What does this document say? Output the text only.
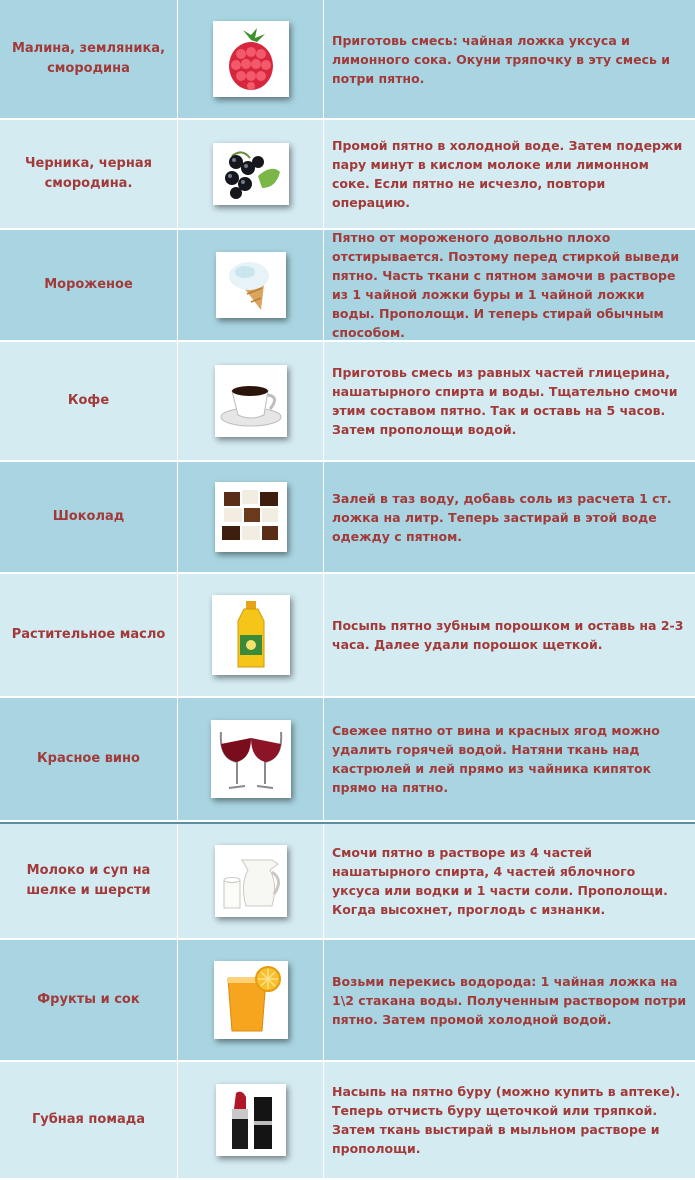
Малина, земляника, смородина
Приготовь смесь: чайная ложка уксуса и лимонного сока. Окуни тряпочку в эту смесь и потри пятно.
Черника, черная смородина.
Промой пятно в холодной воде. Затем подержи пару минут в кислом молоке или лимонном соке. Если пятно не исчезло, повтори операцию.
Мороженое
Пятно от мороженого довольно плохо отстирывается. Поэтому перед стиркой выведи пятно. Часть ткани с пятном замочи в растворе из 1 чайной ложки буры и 1 чайной ложки воды. Прополощи. И теперь стирай обычным способом.
Кофе
Приготовь смесь из равных частей глицерина, нашатырного спирта и воды. Тщательно смочи этим составом пятно. Так и оставь на 5 часов. Затем прополощи водой.
Шоколад
Залей в таз воду, добавь соль из расчета 1 ст. ложка на литр. Теперь застирай в этой воде одежду с пятном.
Растительное масло
Посыпь пятно зубным порошком и оставь на 2-3 часа. Далее удали порошок щеткой.
Красное вино
Свежее пятно от вина и красных ягод можно удалить горячей водой. Натяни ткань над кастрюлей и лей прямо из чайника кипяток прямо на пятно.
Молоко и суп на шелке и шерсти
Смочи пятно в растворе из 4 частей нашатырного спирта, 4 частей яблочного уксуса или водки и 1 части соли. Прополощи. Когда высохнет, проглодь с изнанки.
Фрукты и сок
Возьми перекись водорода: 1 чайная ложка на 1\2 стакана воды. Полученным раствором потри пятно. Затем промой холодной водой.
Губная помада
Насыпь на пятно буру (можно купить в аптеке). Теперь отчисть буру щеточкой или тряпкой. Затем ткань выстирай в мыльном растворе и прополощи.
